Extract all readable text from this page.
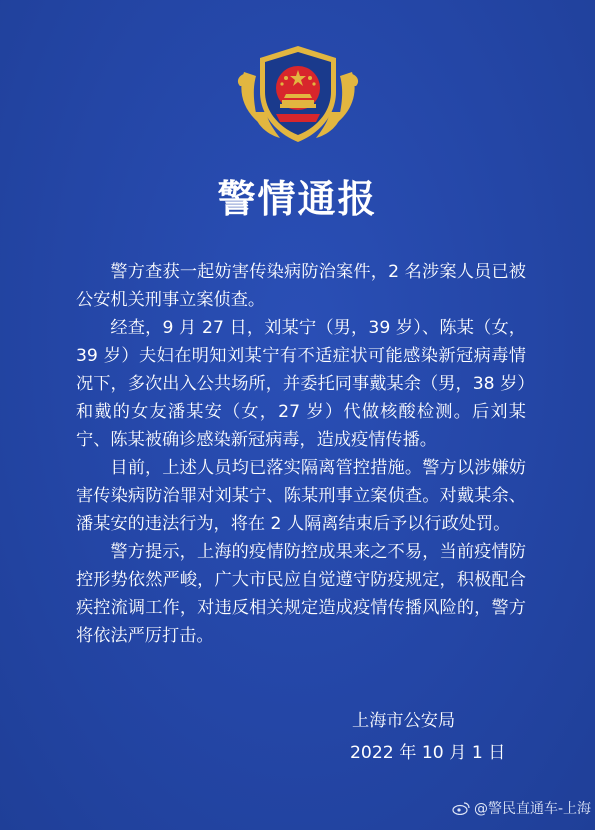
警情通报

警方查获一起妨害传染病防治案件，2 名涉案人员已被公安机关刑事立案侦查。

经查，9 月 27 日，刘某宁（男，39 岁）、陈某（女，39 岁）夫妇在明知刘某宁有不适症状可能感染新冠病毒情况下，多次出入公共场所，并委托同事戴某余（男，38 岁）和戴的女友潘某安（女，27 岁）代做核酸检测。后刘某宁、陈某被确诊感染新冠病毒，造成疫情传播。

目前，上述人员均已落实隔离管控措施。警方以涉嫌妨害传染病防治罪对刘某宁、陈某刑事立案侦查。对戴某余、潘某安的违法行为，将在 2 人隔离结束后予以行政处罚。

警方提示，上海的疫情防控成果来之不易，当前疫情防控形势依然严峻，广大市民应自觉遵守防疫规定，积极配合疾控流调工作，对违反相关规定造成疫情传播风险的，警方将依法严厉打击。

上海市公安局
2022 年 10 月 1 日
@警民直通车-上海
